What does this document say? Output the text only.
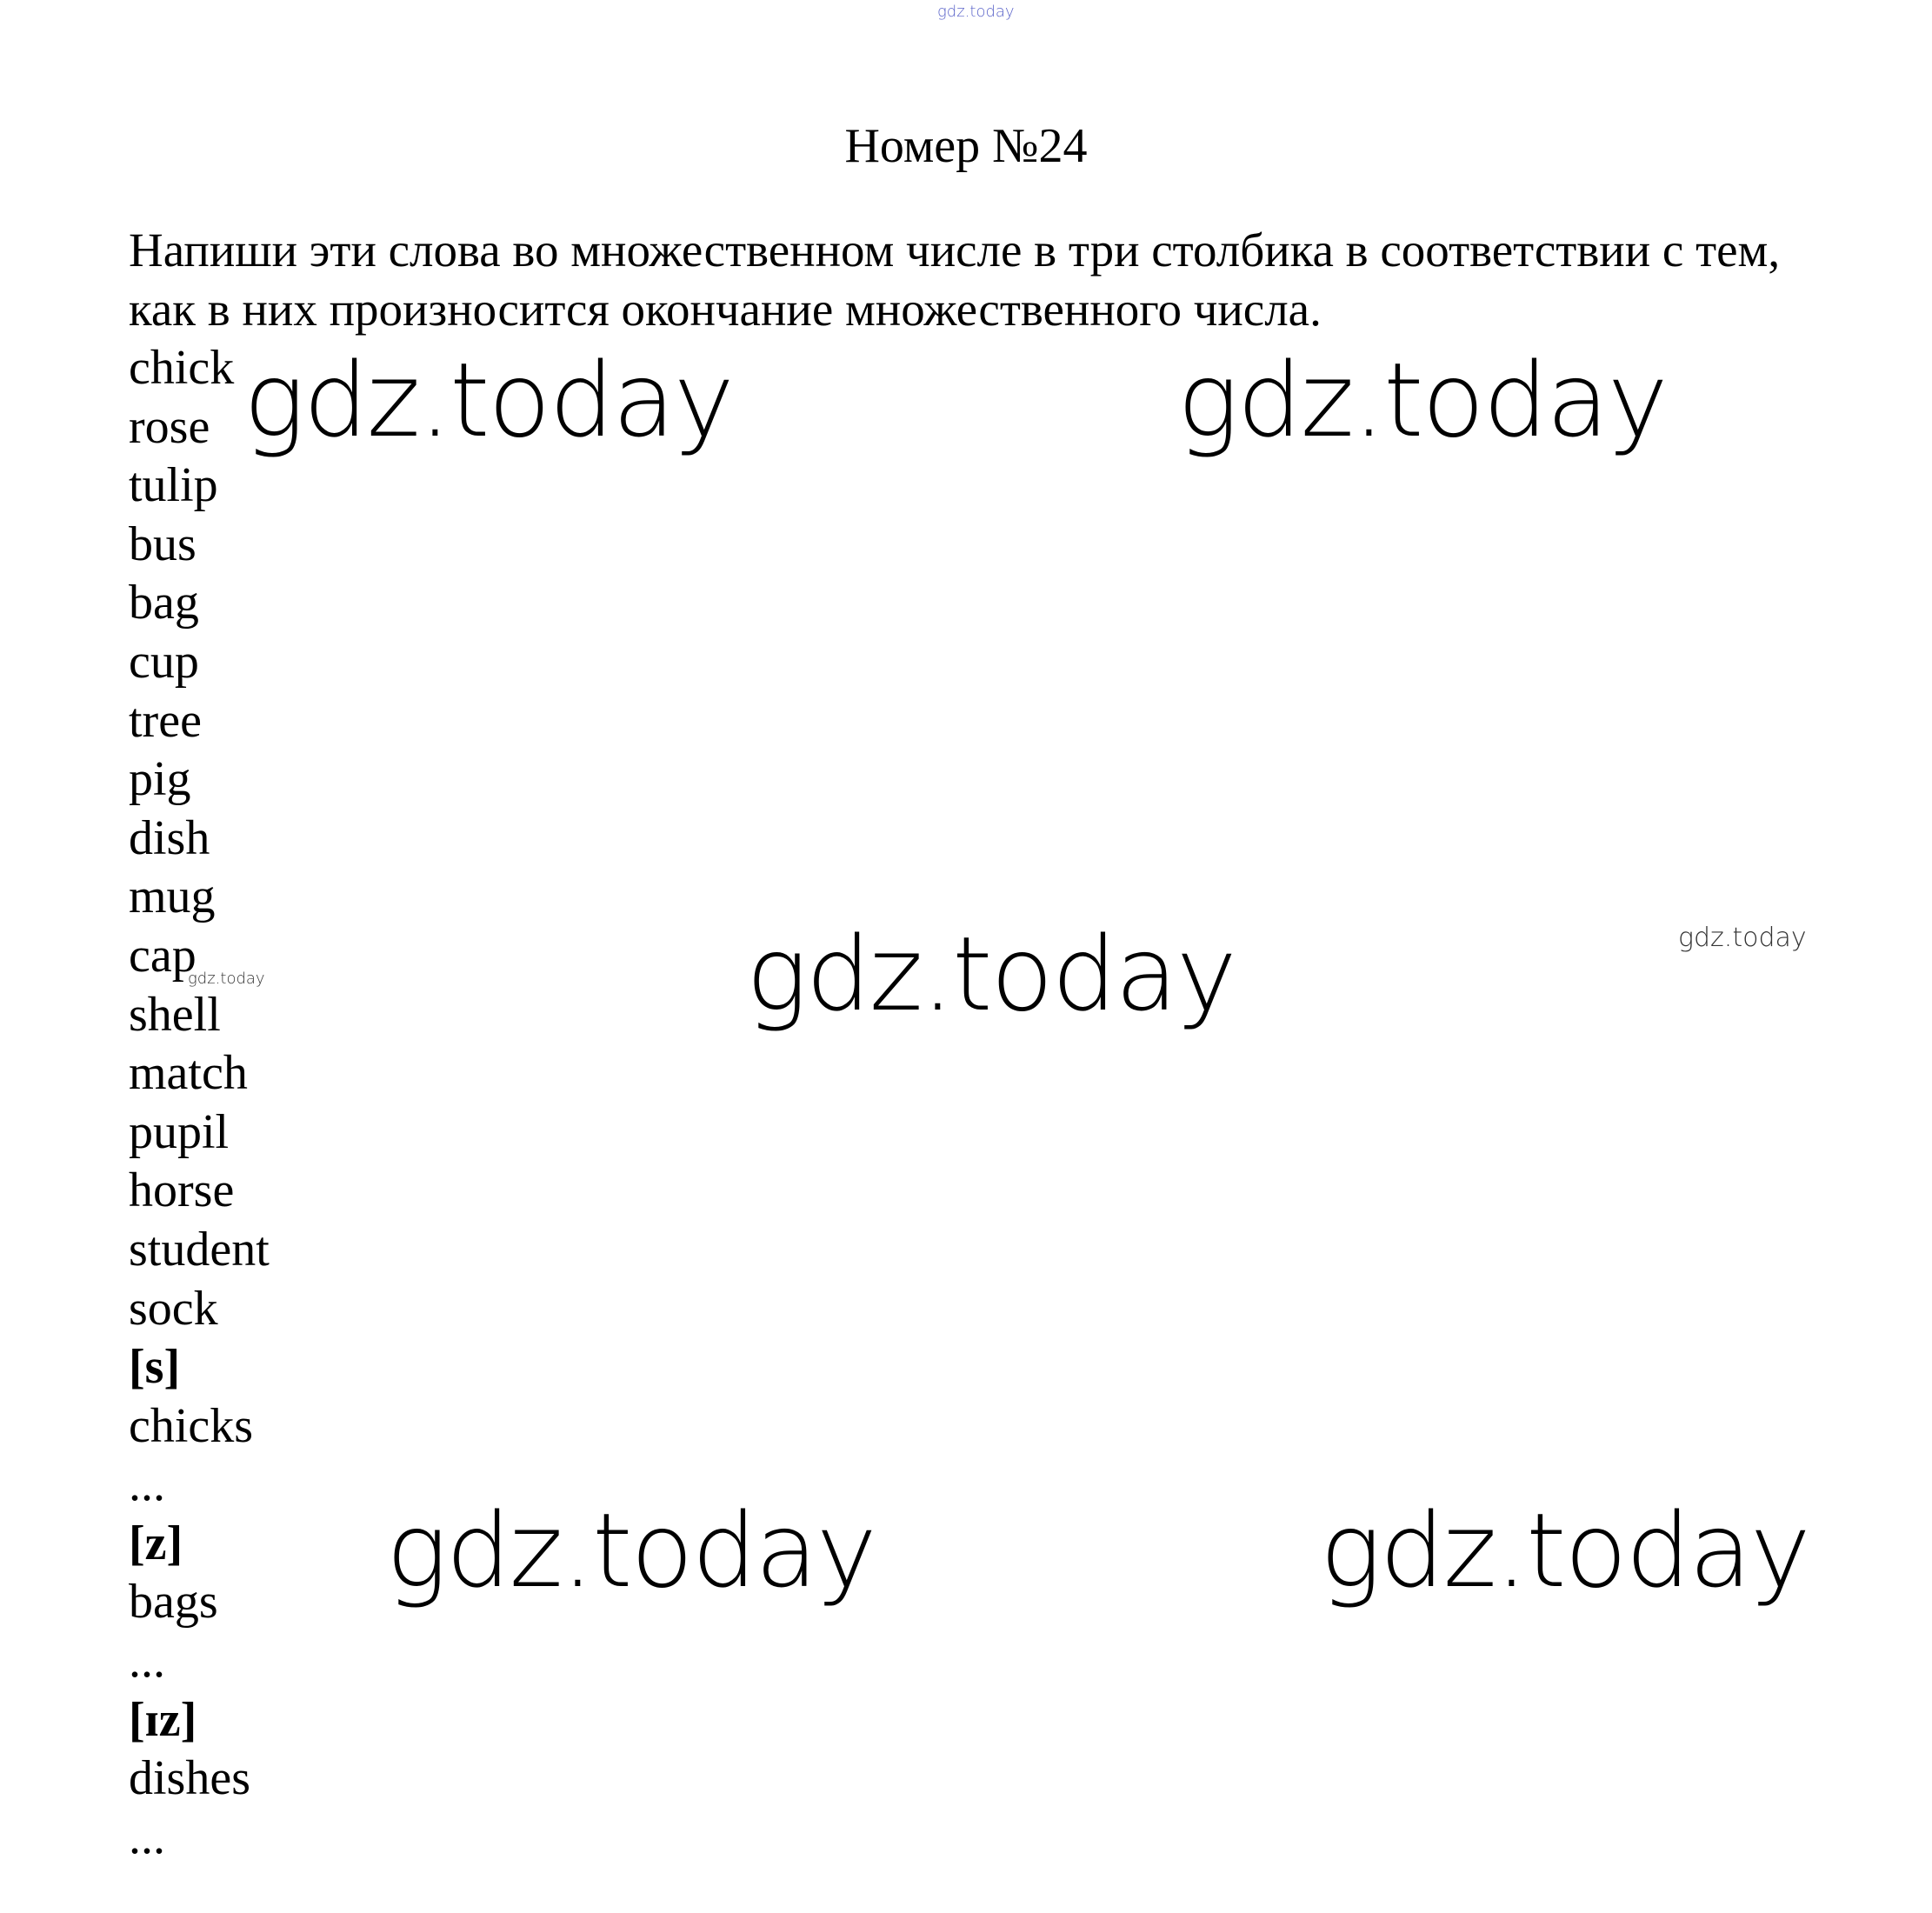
gdz.today
Номер №24
Напиши эти слова во множественном числе в три столбика в соответствии с тем, как в них произносится окончание множественного числа.
chick
rose
tulip
bus
bag
cup
tree
pig
dish
mug
cap
shell
match
pupil
horse
student
sock
[s]
chicks
...
[z]
bags
...
[ɪz]
dishes
...
gdz.today	gdz.today
gdz.today	gdz.today
gdz.today
gdz.today	gdz.today
